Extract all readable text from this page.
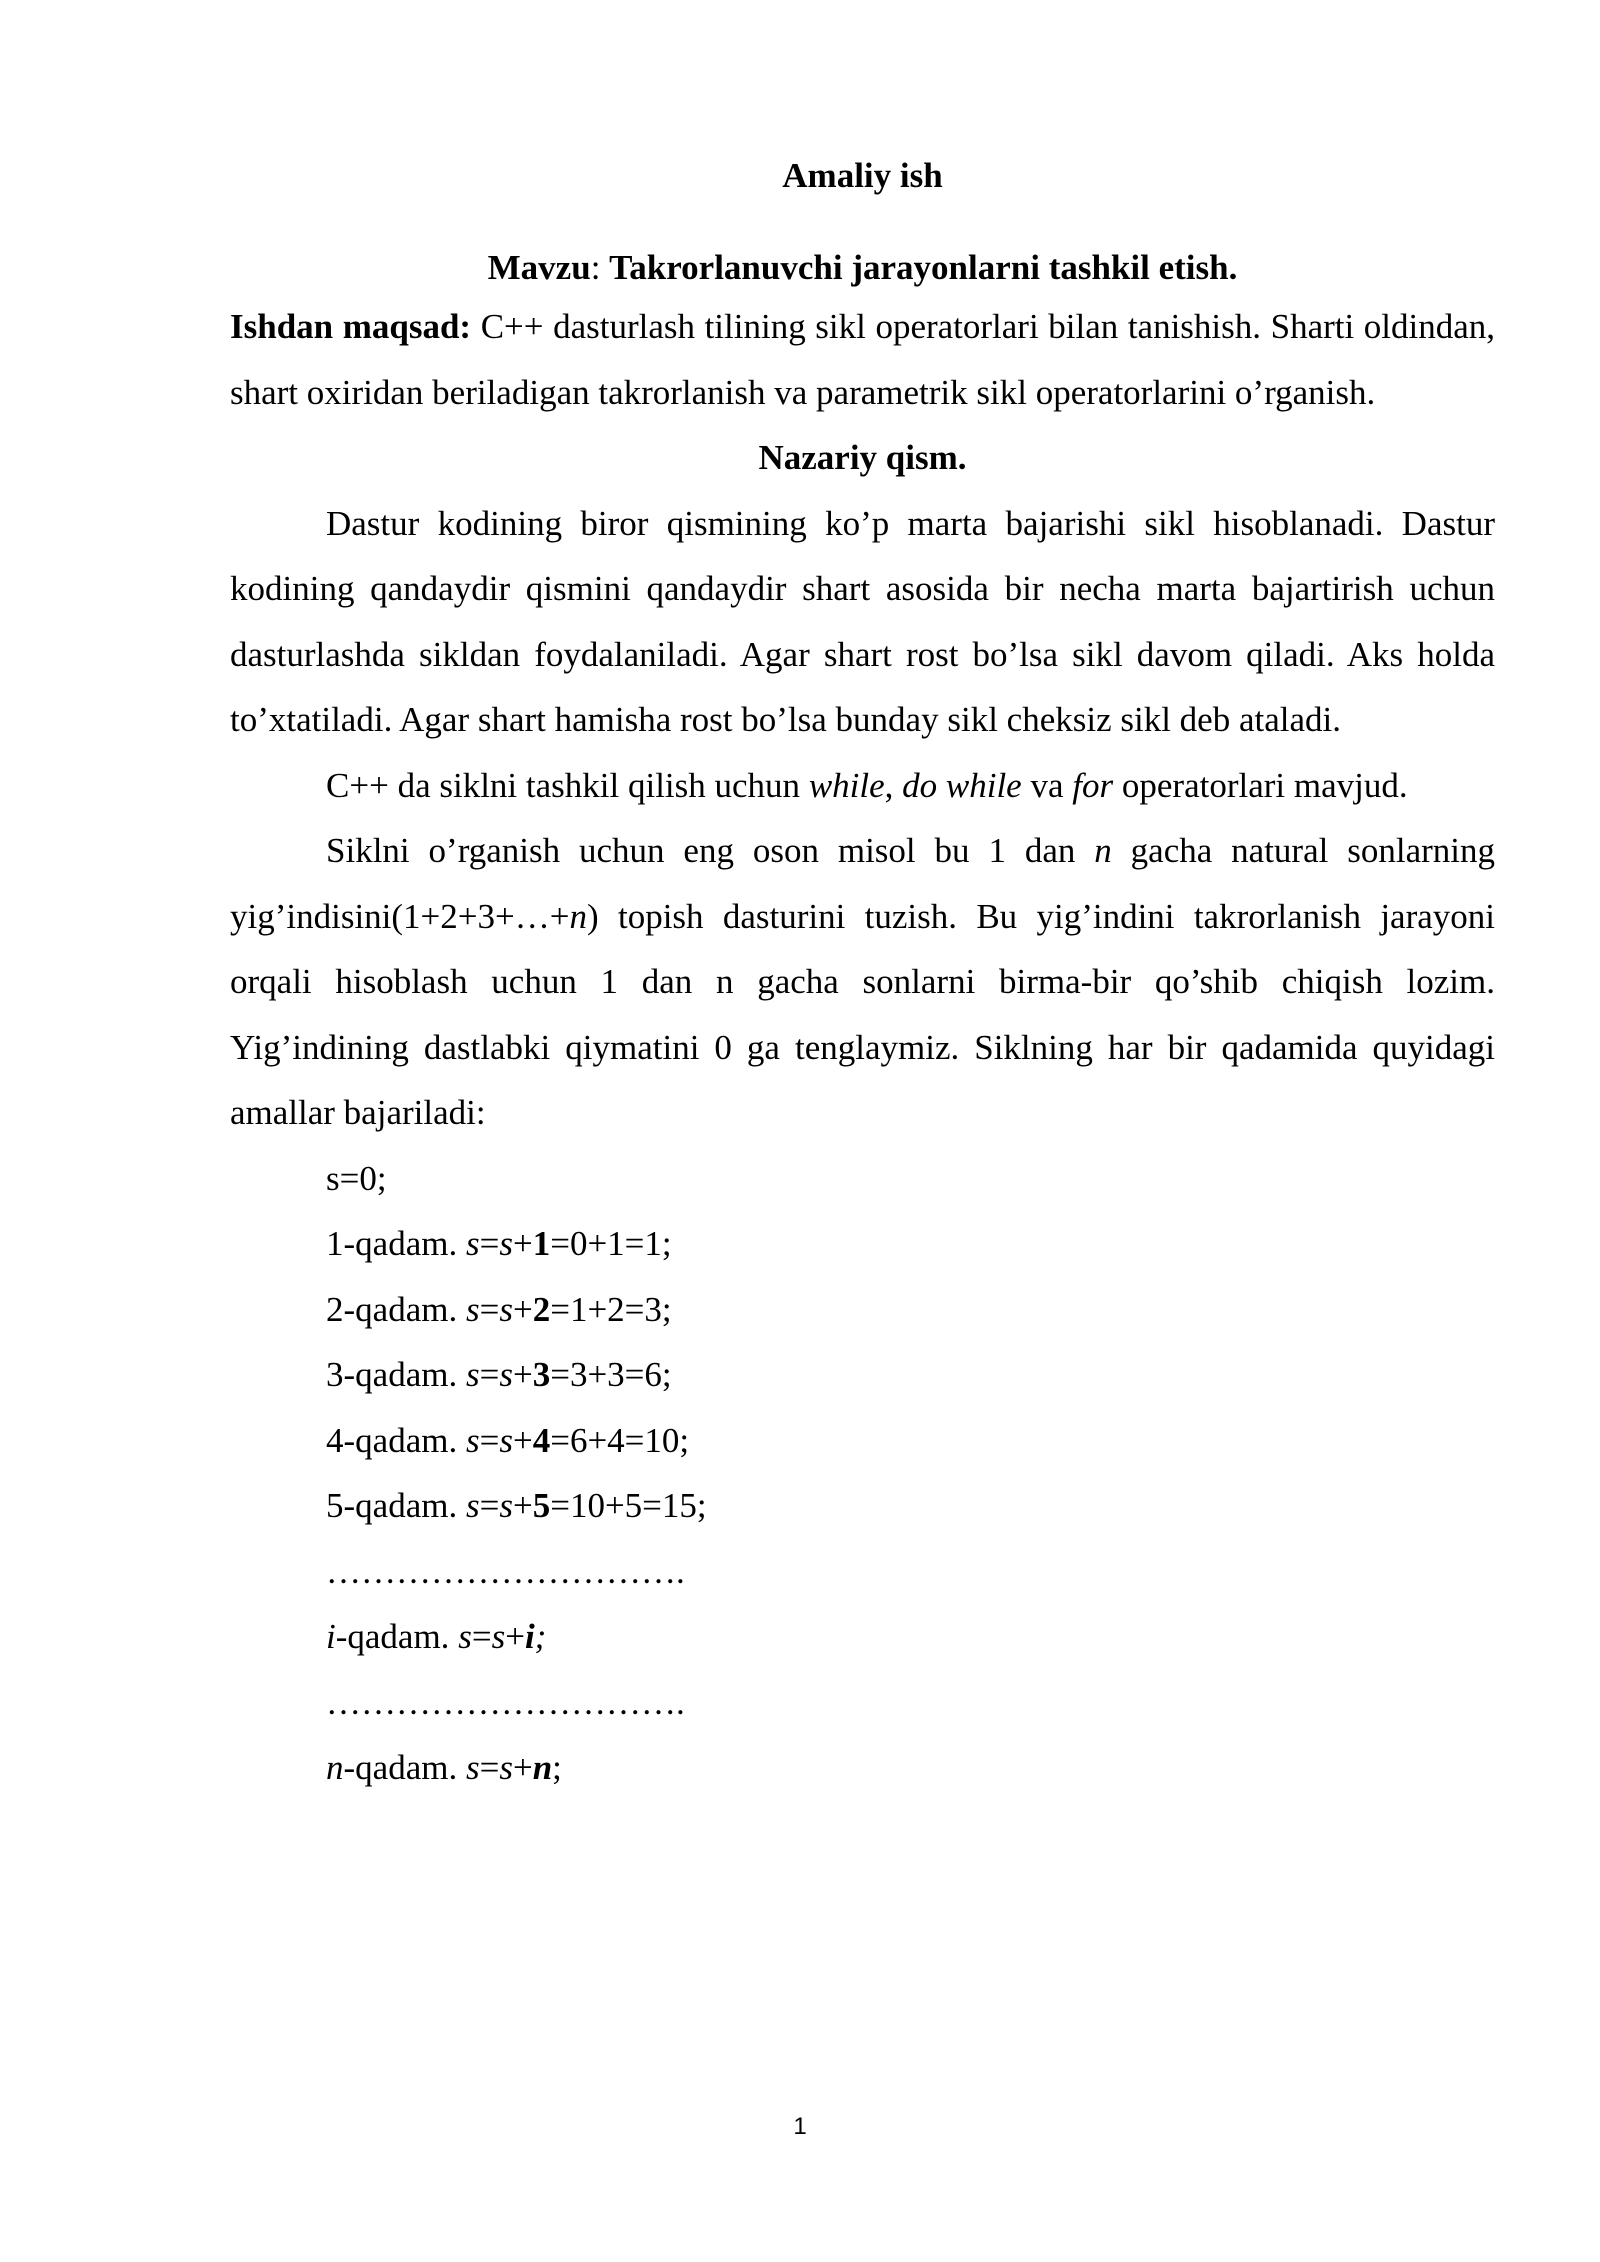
Amaliy ish

Mavzu: Takrorlanuvchi jarayonlarni tashkil etish.

Ishdan maqsad: C++ dasturlash tilining sikl operatorlari bilan tanishish. Sharti oldindan, shart oxiridan beriladigan takrorlanish va parametrik sikl operatorlarini o’rganish.

Nazariy qism.

Dastur kodining biror qismining ko’p marta bajarishi sikl hisoblanadi. Dastur kodining qandaydir qismini qandaydir shart asosida bir necha marta bajartirish uchun dasturlashda sikldan foydalaniladi. Agar shart rost bo’lsa sikl davom qiladi. Aks holda to’xtatiladi. Agar shart hamisha rost bo’lsa bunday sikl cheksiz sikl deb ataladi.

C++ da siklni tashkil qilish uchun while, do while va for operatorlari mavjud.

Siklni o’rganish uchun eng oson misol bu 1 dan n gacha natural sonlarning yig’indisini(1+2+3+…+n) topish dasturini tuzish. Bu yig’indini takrorlanish jarayoni orqali hisoblash uchun 1 dan n gacha sonlarni birma-bir qo’shib chiqish lozim. Yig’indining dastlabki qiymatini 0 ga tenglaymiz. Siklning har bir qadamida quyidagi amallar bajariladi:

s=0;
1-qadam. s=s+1=0+1=1;
2-qadam. s=s+2=1+2=3;
3-qadam. s=s+3=3+3=6;
4-qadam. s=s+4=6+4=10;
5-qadam. s=s+5=10+5=15;
………………………….
i-qadam. s=s+i;
………………………….
n-qadam. s=s+n;
1
